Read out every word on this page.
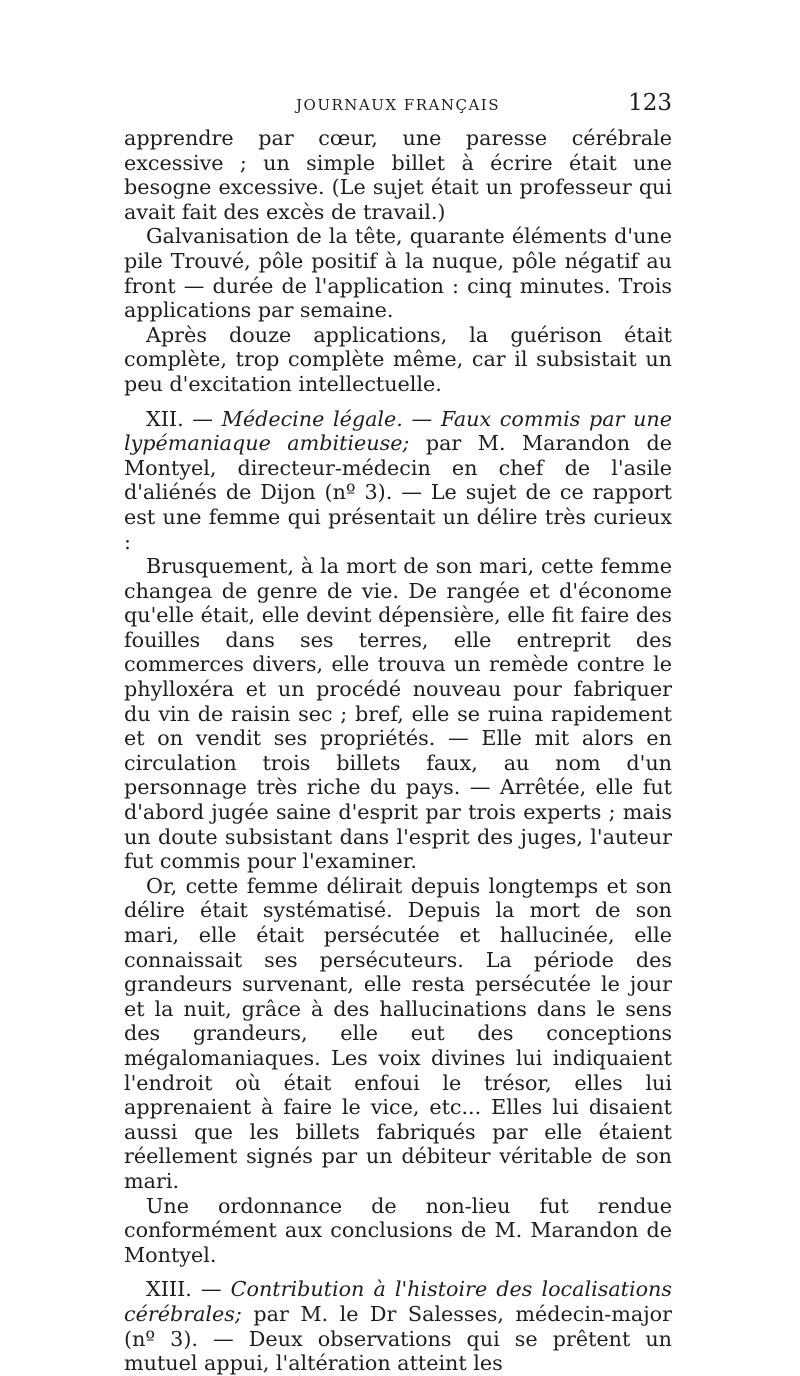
JOURNAUX FRANÇAIS	123

apprendre par cœur, une paresse cérébrale excessive ; un simple billet à écrire était une besogne excessive. (Le sujet était un professeur qui avait fait des excès de travail.)

Galvanisation de la tête, quarante éléments d'une pile Trouvé, pôle positif à la nuque, pôle négatif au front — durée de l'application : cinq minutes. Trois applications par semaine.

Après douze applications, la guérison était complète, trop complète même, car il subsistait un peu d'excitation intellectuelle.

XII. — Médecine légale. — Faux commis par une lypémaniaque ambitieuse; par M. Marandon de Montyel, directeur-médecin en chef de l'asile d'aliénés de Dijon (nº 3). — Le sujet de ce rapport est une femme qui présentait un délire très curieux :

Brusquement, à la mort de son mari, cette femme changea de genre de vie. De rangée et d'économe qu'elle était, elle devint dépensière, elle fit faire des fouilles dans ses terres, elle entreprit des commerces divers, elle trouva un remède contre le phylloxéra et un procédé nouveau pour fabriquer du vin de raisin sec ; bref, elle se ruina rapidement et on vendit ses propriétés. — Elle mit alors en circulation trois billets faux, au nom d'un personnage très riche du pays. — Arrêtée, elle fut d'abord jugée saine d'esprit par trois experts ; mais un doute subsistant dans l'esprit des juges, l'auteur fut commis pour l'examiner.

Or, cette femme délirait depuis longtemps et son délire était systématisé. Depuis la mort de son mari, elle était persécutée et hallucinée, elle connaissait ses persécuteurs. La période des grandeurs survenant, elle resta persécutée le jour et la nuit, grâce à des hallucinations dans le sens des grandeurs, elle eut des conceptions mégalomaniaques. Les voix divines lui indiquaient l'endroit où était enfoui le trésor, elles lui apprenaient à faire le vice, etc... Elles lui disaient aussi que les billets fabriqués par elle étaient réellement signés par un débiteur véritable de son mari.

Une ordonnance de non-lieu fut rendue conformément aux conclusions de M. Marandon de Montyel.

XIII. — Contribution à l'histoire des localisations cérébrales; par M. le Dr Salesses, médecin-major (nº 3). — Deux observations qui se prêtent un mutuel appui, l'altération atteint les
